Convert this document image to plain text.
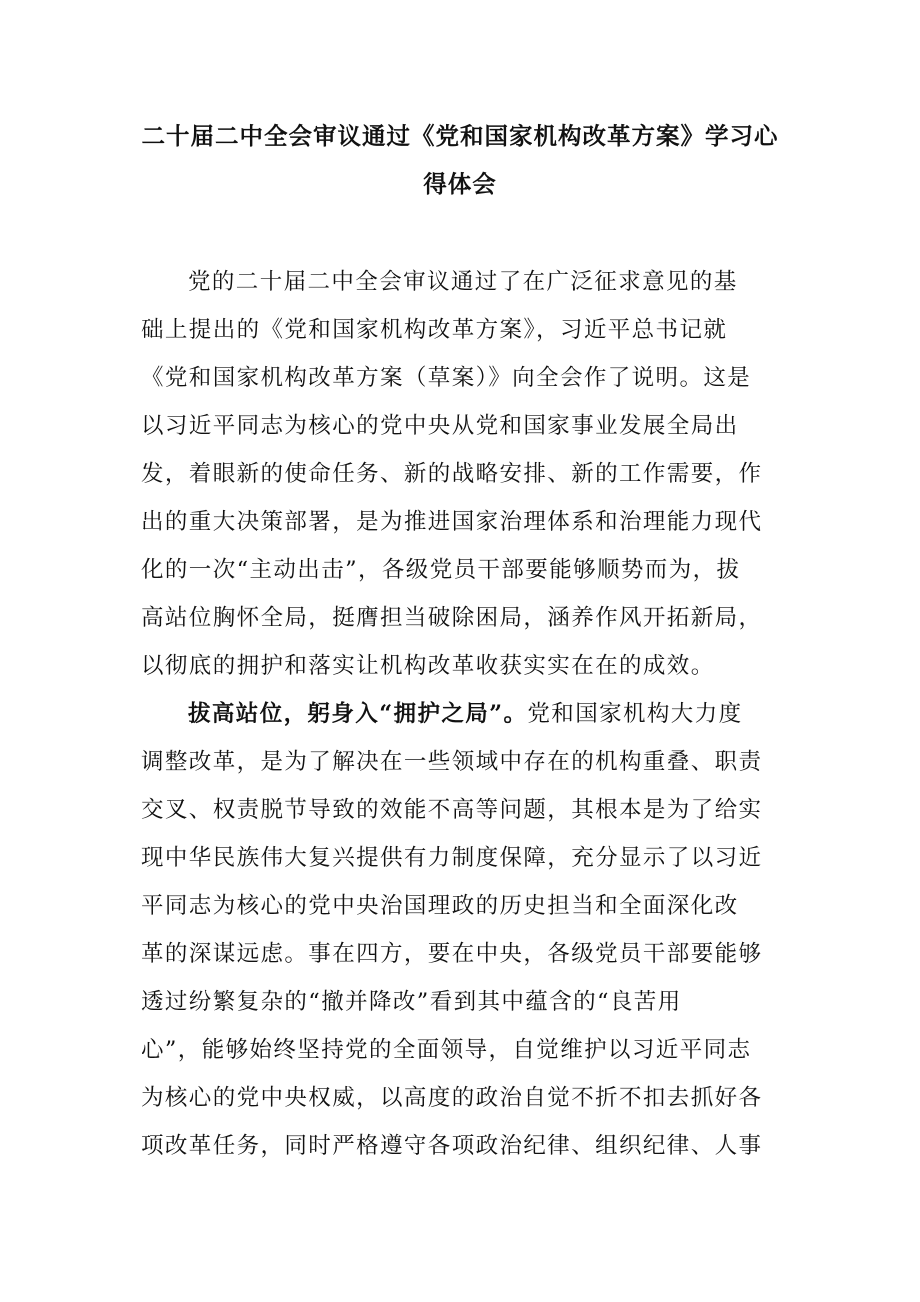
二十届二中全会审议通过《党和国家机构改革方案》学习心
得体会
党的二十届二中全会审议通过了在广泛征求意见的基
础上提出的《党和国家机构改革方案》，习近平总书记就
《党和国家机构改革方案（草案）》向全会作了说明。这是
以习近平同志为核心的党中央从党和国家事业发展全局出
发，着眼新的使命任务、新的战略安排、新的工作需要，作
出的重大决策部署，是为推进国家治理体系和治理能力现代
化的一次“主动出击”，各级党员干部要能够顺势而为，拔
高站位胸怀全局，挺膺担当破除困局，涵养作风开拓新局，
以彻底的拥护和落实让机构改革收获实实在在的成效。
拔高站位，躬身入“拥护之局”。党和国家机构大力度
调整改革，是为了解决在一些领域中存在的机构重叠、职责
交叉、权责脱节导致的效能不高等问题，其根本是为了给实
现中华民族伟大复兴提供有力制度保障，充分显示了以习近
平同志为核心的党中央治国理政的历史担当和全面深化改
革的深谋远虑。事在四方，要在中央，各级党员干部要能够
透过纷繁复杂的“撤并降改”看到其中蕴含的“良苦用
心”，能够始终坚持党的全面领导，自觉维护以习近平同志
为核心的党中央权威，以高度的政治自觉不折不扣去抓好各
项改革任务，同时严格遵守各项政治纪律、组织纪律、人事
